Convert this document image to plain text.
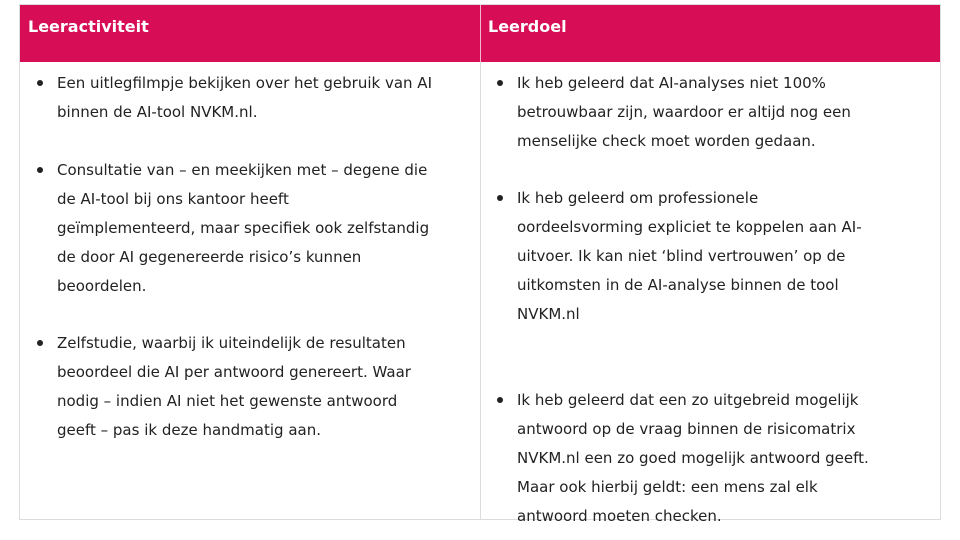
Leeractiviteit	Leerdoel
Een uitlegfilmpje bekijken over het gebruik van AI
binnen de AI-tool NVKM.nl.
Consultatie van – en meekijken met – degene die
de AI-tool bij ons kantoor heeft
geïmplementeerd, maar specifiek ook zelfstandig
de door AI gegenereerde risico’s kunnen
beoordelen.
Zelfstudie, waarbij ik uiteindelijk de resultaten
beoordeel die AI per antwoord genereert. Waar
nodig – indien AI niet het gewenste antwoord
geeft – pas ik deze handmatig aan.
Ik heb geleerd dat AI-analyses niet 100%
betrouwbaar zijn, waardoor er altijd nog een
menselijke check moet worden gedaan.
Ik heb geleerd om professionele
oordeelsvorming expliciet te koppelen aan AI-
uitvoer. Ik kan niet ‘blind vertrouwen’ op de
uitkomsten in de AI-analyse binnen de tool
NVKM.nl
Ik heb geleerd dat een zo uitgebreid mogelijk
antwoord op de vraag binnen de risicomatrix
NVKM.nl een zo goed mogelijk antwoord geeft.
Maar ook hierbij geldt: een mens zal elk
antwoord moeten checken.
